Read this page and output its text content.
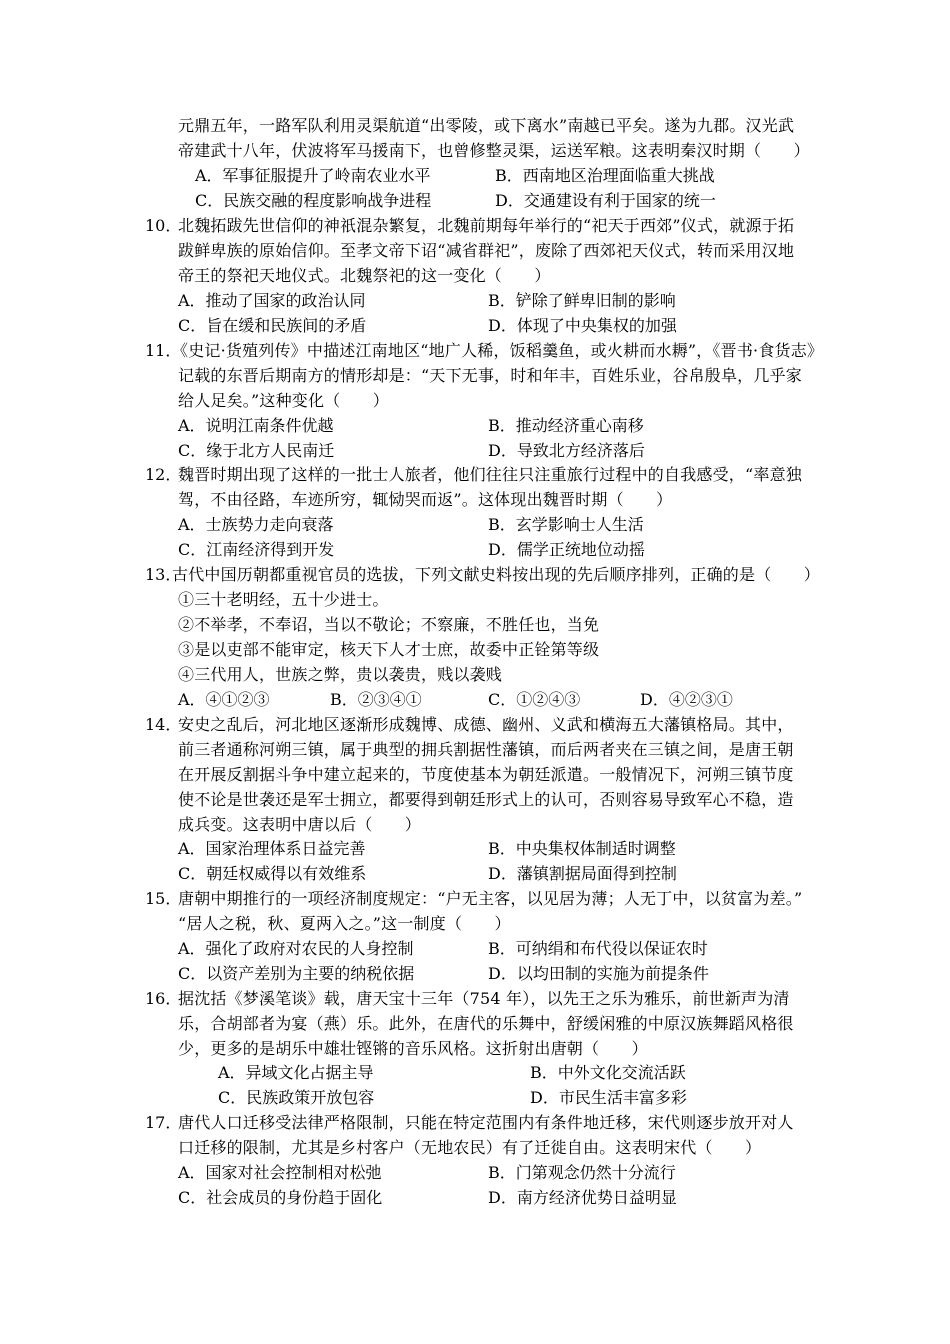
元鼎五年，一路军队利用灵渠航道“出零陵，或下离水”南越已平矣。遂为九郡。汉光武
帝建武十八年，伏波将军马援南下，也曾修整灵渠，运送军粮。这表明秦汉时期（　　）
A．军事征服提升了岭南农业水平	B．西南地区治理面临重大挑战
C．民族交融的程度影响战争进程	D．交通建设有利于国家的统一
10．
北魏拓跋先世信仰的神祇混杂繁复，北魏前期每年举行的“祀天于西郊”仪式，就源于拓
跋鲜卑族的原始信仰。至孝文帝下诏“减省群祀”，废除了西郊祀天仪式，转而采用汉地
帝王的祭祀天地仪式。北魏祭祀的这一变化（　　）
A．推动了国家的政治认同	B．铲除了鲜卑旧制的影响
C．旨在缓和民族间的矛盾	D．体现了中央集权的加强
11．
《史记·货殖列传》中描述江南地区“地广人稀，饭稻羹鱼，或火耕而水耨”，《晋书·食货志》
记载的东晋后期南方的情形却是：“天下无事，时和年丰，百姓乐业，谷帛殷阜，几乎家
给人足矣。”这种变化（　　）
A．说明江南条件优越	B．推动经济重心南移
C．缘于北方人民南迁	D．导致北方经济落后
12．
魏晋时期出现了这样的一批士人旅者，他们往往只注重旅行过程中的自我感受，“率意独
驾，不由径路，车迹所穷，辄恸哭而返”。这体现出魏晋时期（　　）
A．士族势力走向衰落	B．玄学影响士人生活
C．江南经济得到开发	D．儒学正统地位动摇
13．
古代中国历朝都重视官员的选拔，下列文献史料按出现的先后顺序排列，正确的是（　　）
①三十老明经，五十少进士。
②不举孝，不奉诏，当以不敬论；不察廉，不胜任也，当免
③是以吏部不能审定，核天下人才士庶，故委中正铨第等级
④三代用人，世族之弊，贵以袭贵，贱以袭贱
A．④①②③	B．②③④①	C．①②④③	D．④②③①
14．
安史之乱后，河北地区逐渐形成魏博、成德、幽州、义武和横海五大藩镇格局。其中，
前三者通称河朔三镇，属于典型的拥兵割据性藩镇，而后两者夹在三镇之间，是唐王朝
在开展反割据斗争中建立起来的，节度使基本为朝廷派遣。一般情况下，河朔三镇节度
使不论是世袭还是军士拥立，都要得到朝廷形式上的认可，否则容易导致军心不稳，造
成兵变。这表明中唐以后（　　）
A．国家治理体系日益完善	B．中央集权体制适时调整
C．朝廷权威得以有效维系	D．藩镇割据局面得到控制
15．
唐朝中期推行的一项经济制度规定：“户无主客，以见居为薄；人无丁中，以贫富为差。”
“居人之税，秋、夏两入之。”这一制度（　　）
A．强化了政府对农民的人身控制	B．可纳绢和布代役以保证农时
C．以资产差别为主要的纳税依据	D．以均田制的实施为前提条件
16．
据沈括《梦溪笔谈》载，唐天宝十三年（754 年），以先王之乐为雅乐，前世新声为清
乐，合胡部者为宴（燕）乐。此外，在唐代的乐舞中，舒缓闲雅的中原汉族舞蹈风格很
少，更多的是胡乐中雄壮铿锵的音乐风格。这折射出唐朝（　　）
A．异域文化占据主导	B．中外文化交流活跃
C．民族政策开放包容	D．市民生活丰富多彩
17．
唐代人口迁移受法律严格限制，只能在特定范围内有条件地迁移，宋代则逐步放开对人
口迁移的限制，尤其是乡村客户（无地农民）有了迁徙自由。这表明宋代（　　）
A．国家对社会控制相对松弛	B．门第观念仍然十分流行
C．社会成员的身份趋于固化	D．南方经济优势日益明显
